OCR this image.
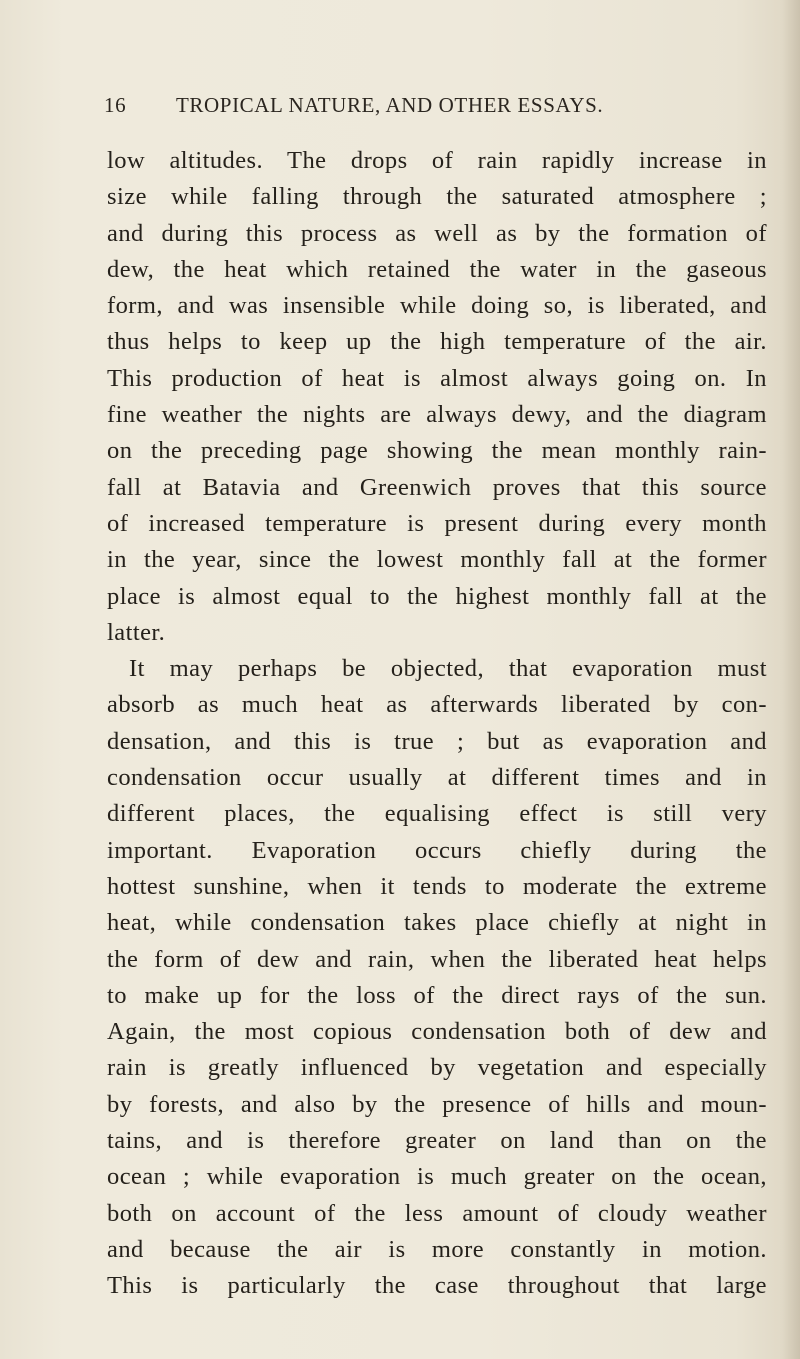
16 TROPICAL NATURE, AND OTHER ESSAYS.
low altitudes. The drops of rain rapidly increase in
size while falling through the saturated atmosphere ;
and during this process as well as by the formation of
dew, the heat which retained the water in the gaseous
form, and was insensible while doing so, is liberated, and
thus helps to keep up the high temperature of the air.
This production of heat is almost always going on. In
fine weather the nights are always dewy, and the diagram
on the preceding page showing the mean monthly rain-
fall at Batavia and Greenwich proves that this source
of increased temperature is present during every month
in the year, since the lowest monthly fall at the former
place is almost equal to the highest monthly fall at the
latter.
It may perhaps be objected, that evaporation must
absorb as much heat as afterwards liberated by con-
densation, and this is true ; but as evaporation and
condensation occur usually at different times and in
different places, the equalising effect is still very
important. Evaporation occurs chiefly during the
hottest sunshine, when it tends to moderate the extreme
heat, while condensation takes place chiefly at night in
the form of dew and rain, when the liberated heat helps
to make up for the loss of the direct rays of the sun.
Again, the most copious condensation both of dew and
rain is greatly influenced by vegetation and especially
by forests, and also by the presence of hills and moun-
tains, and is therefore greater on land than on the
ocean ; while evaporation is much greater on the ocean,
both on account of the less amount of cloudy weather
and because the air is more constantly in motion.
This is particularly the case throughout that large
